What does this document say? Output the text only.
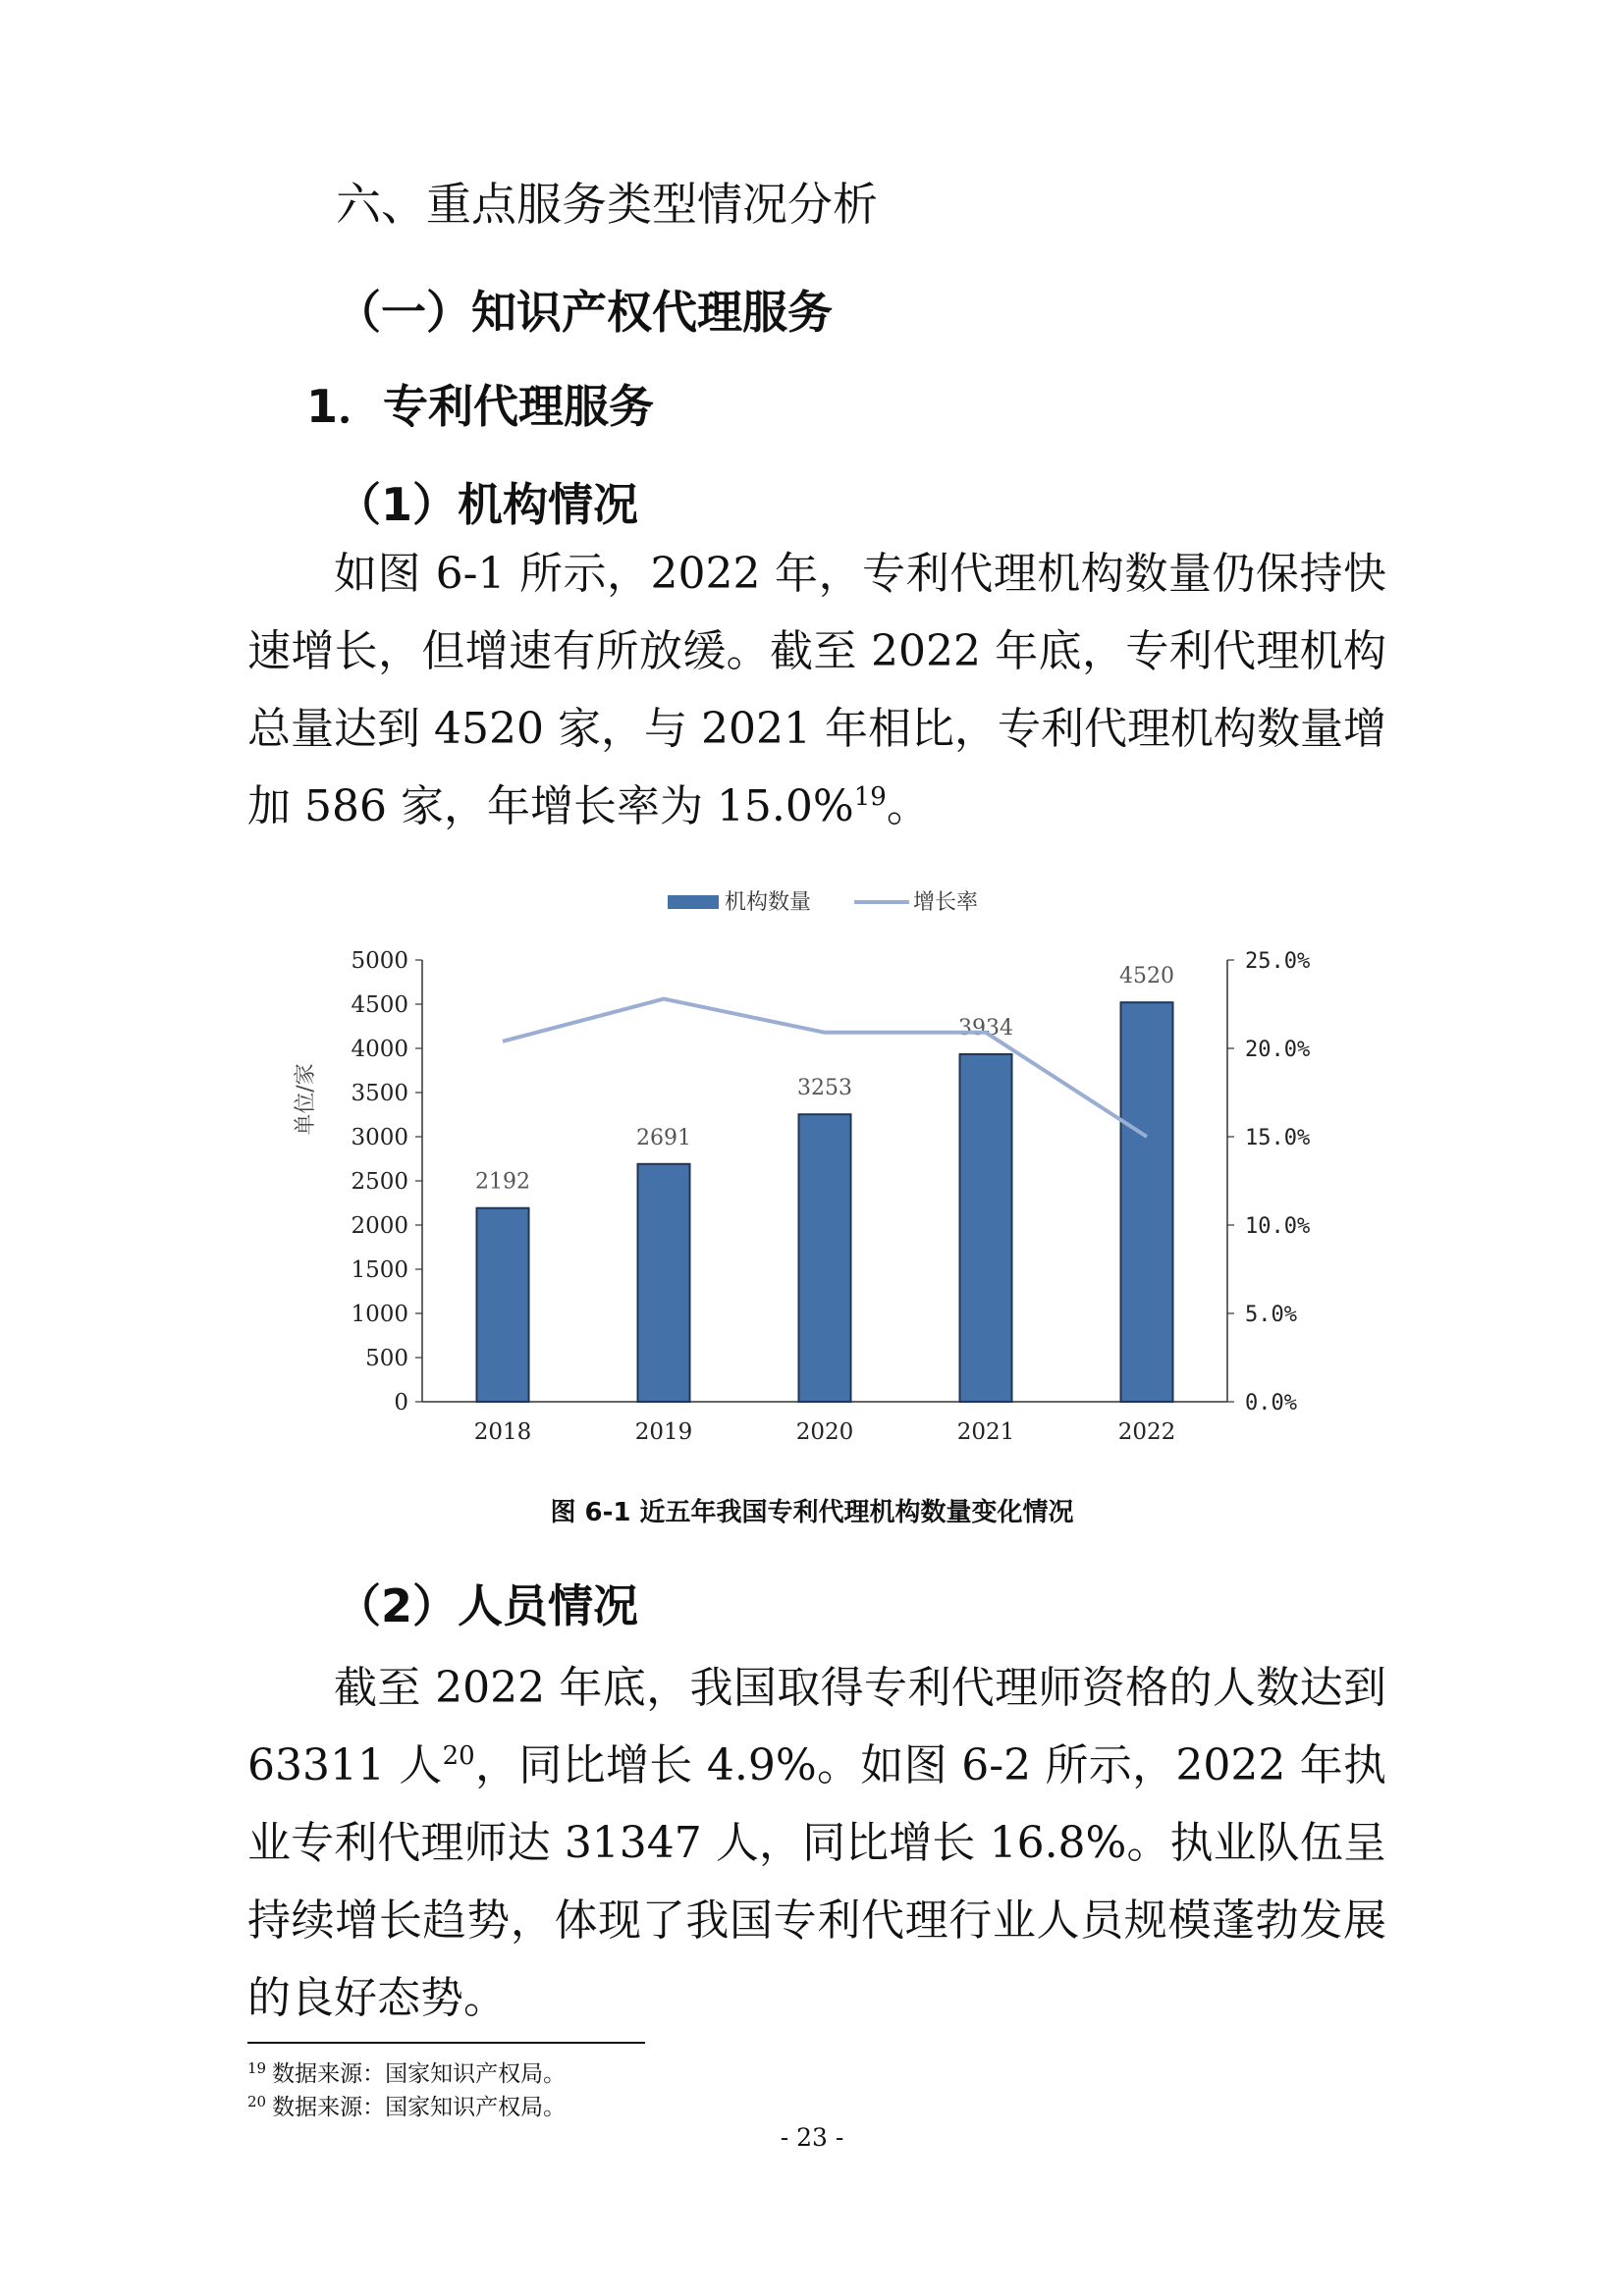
六、重点服务类型情况分析
（一）知识产权代理服务
1．专利代理服务
（1）机构情况

如图 6-1 所示，2022 年，专利代理机构数量仍保持快速增长，但增速有所放缓。截至 2022 年底，专利代理机构总量达到 4520 家，与 2021 年相比，专利代理机构数量增加 586 家，年增长率为 15.0%$^{19}$。

机构数量	增长率
单位/家
0
500
1000
1500
2000
2500
3000
3500
4000
4500
5000
0.0%
5.0%
10.0%
15.0%
20.0%
25.0%
2192
2018
2691
2019
3253
2020
3934
2021
4520
2022
图 6-1 近五年我国专利代理机构数量变化情况
（2）人员情况

截至 2022 年底，我国取得专利代理师资格的人数达到 63311 人$^{20}$，同比增长 4.9%。如图 6-2 所示，2022 年执业专利代理师达 31347 人，同比增长 16.8%。执业队伍呈持续增长趋势，体现了我国专利代理行业人员规模蓬勃发展的良好态势。

$^{19}$ 数据来源：国家知识产权局。
$^{20}$ 数据来源：国家知识产权局。
- 23 -
